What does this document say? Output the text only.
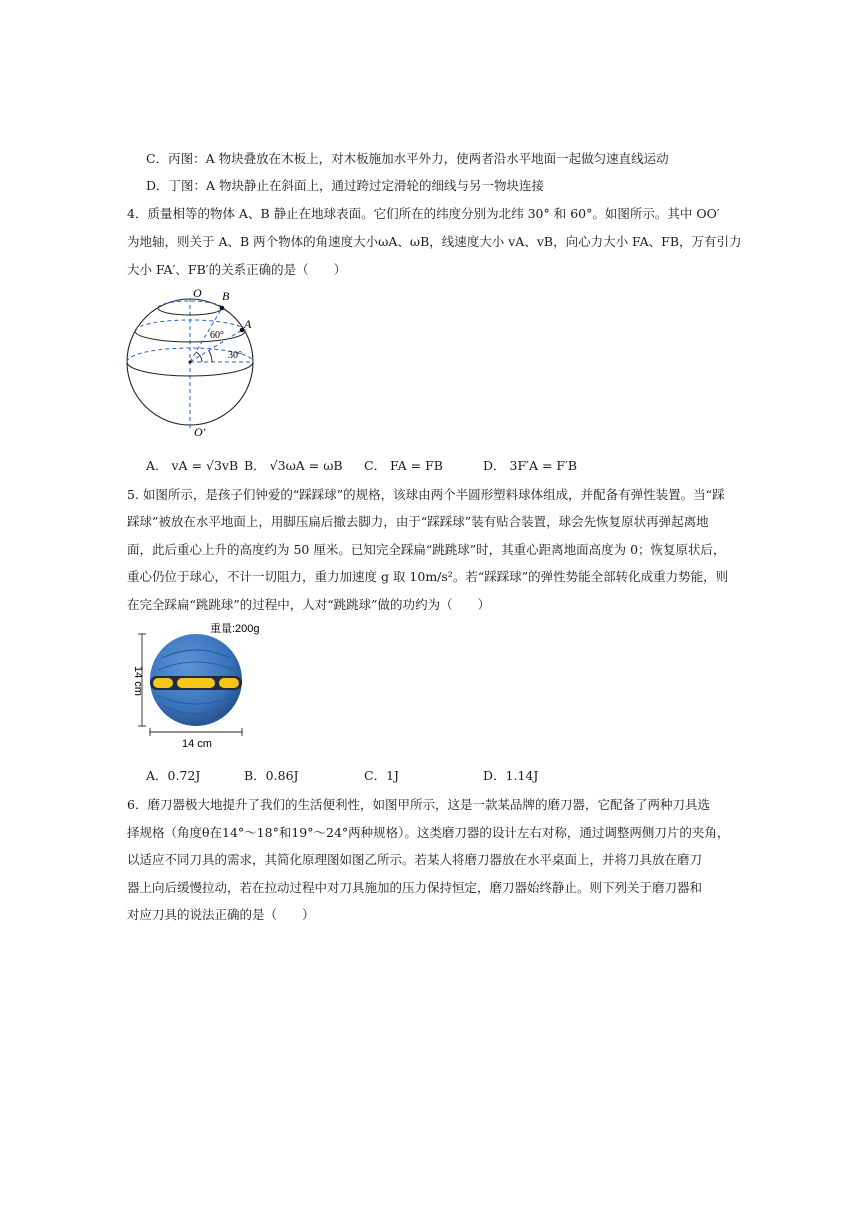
C．丙图：A 物块叠放在木板上，对木板施加水平外力，使两者沿水平地面一起做匀速直线运动
D．丁图：A 物块静止在斜面上，通过跨过定滑轮的细线与另一物块连接
4．质量相等的物体 A、B 静止在地球表面。它们所在的纬度分别为北纬 30° 和 60°。如图所示。其中 OO′
为地轴，则关于 A、B 两个物体的角速度大小ωA、ωB，线速度大小 vA、vB，向心力大小 FA、FB，万有引力
大小 FA′、FB′的关系正确的是（　　）
O B
A
60°
30°
O′
A． vA = √3vB B． √3ωA = ωB C． FA = FB	D． 3F′A = F′B
5. 如图所示，是孩子们钟爱的“踩踩球”的规格，该球由两个半圆形塑料球体组成，并配备有弹性装置。当“踩
踩球”被放在水平地面上，用脚压扁后撤去脚力，由于“踩踩球”装有贴合装置，球会先恢复原状再弹起离地
面，此后重心上升的高度约为 50 厘米。已知完全踩扁“跳跳球”时，其重心距离地面高度为 0；恢复原状后，
重心仍位于球心，不计一切阻力，重力加速度 g 取 10m/s²。若“踩踩球”的弹性势能全部转化成重力势能，则
在完全踩扁“跳跳球”的过程中，人对“跳跳球”做的功约为（　　）
重量:200g
14 cm
14 cm
A．0.72J	B．0.86J	C．1J	D．1.14J
6．磨刀器极大地提升了我们的生活便利性，如图甲所示，这是一款某品牌的磨刀器，它配备了两种刀具选
择规格（角度θ在14°～18°和19°～24°两种规格）。这类磨刀器的设计左右对称，通过调整两侧刀片的夹角，
以适应不同刀具的需求，其简化原理图如图乙所示。若某人将磨刀器放在水平桌面上，并将刀具放在磨刀
器上向后缓慢拉动，若在拉动过程中对刀具施加的压力保持恒定，磨刀器始终静止。则下列关于磨刀器和
对应刀具的说法正确的是（　　）
